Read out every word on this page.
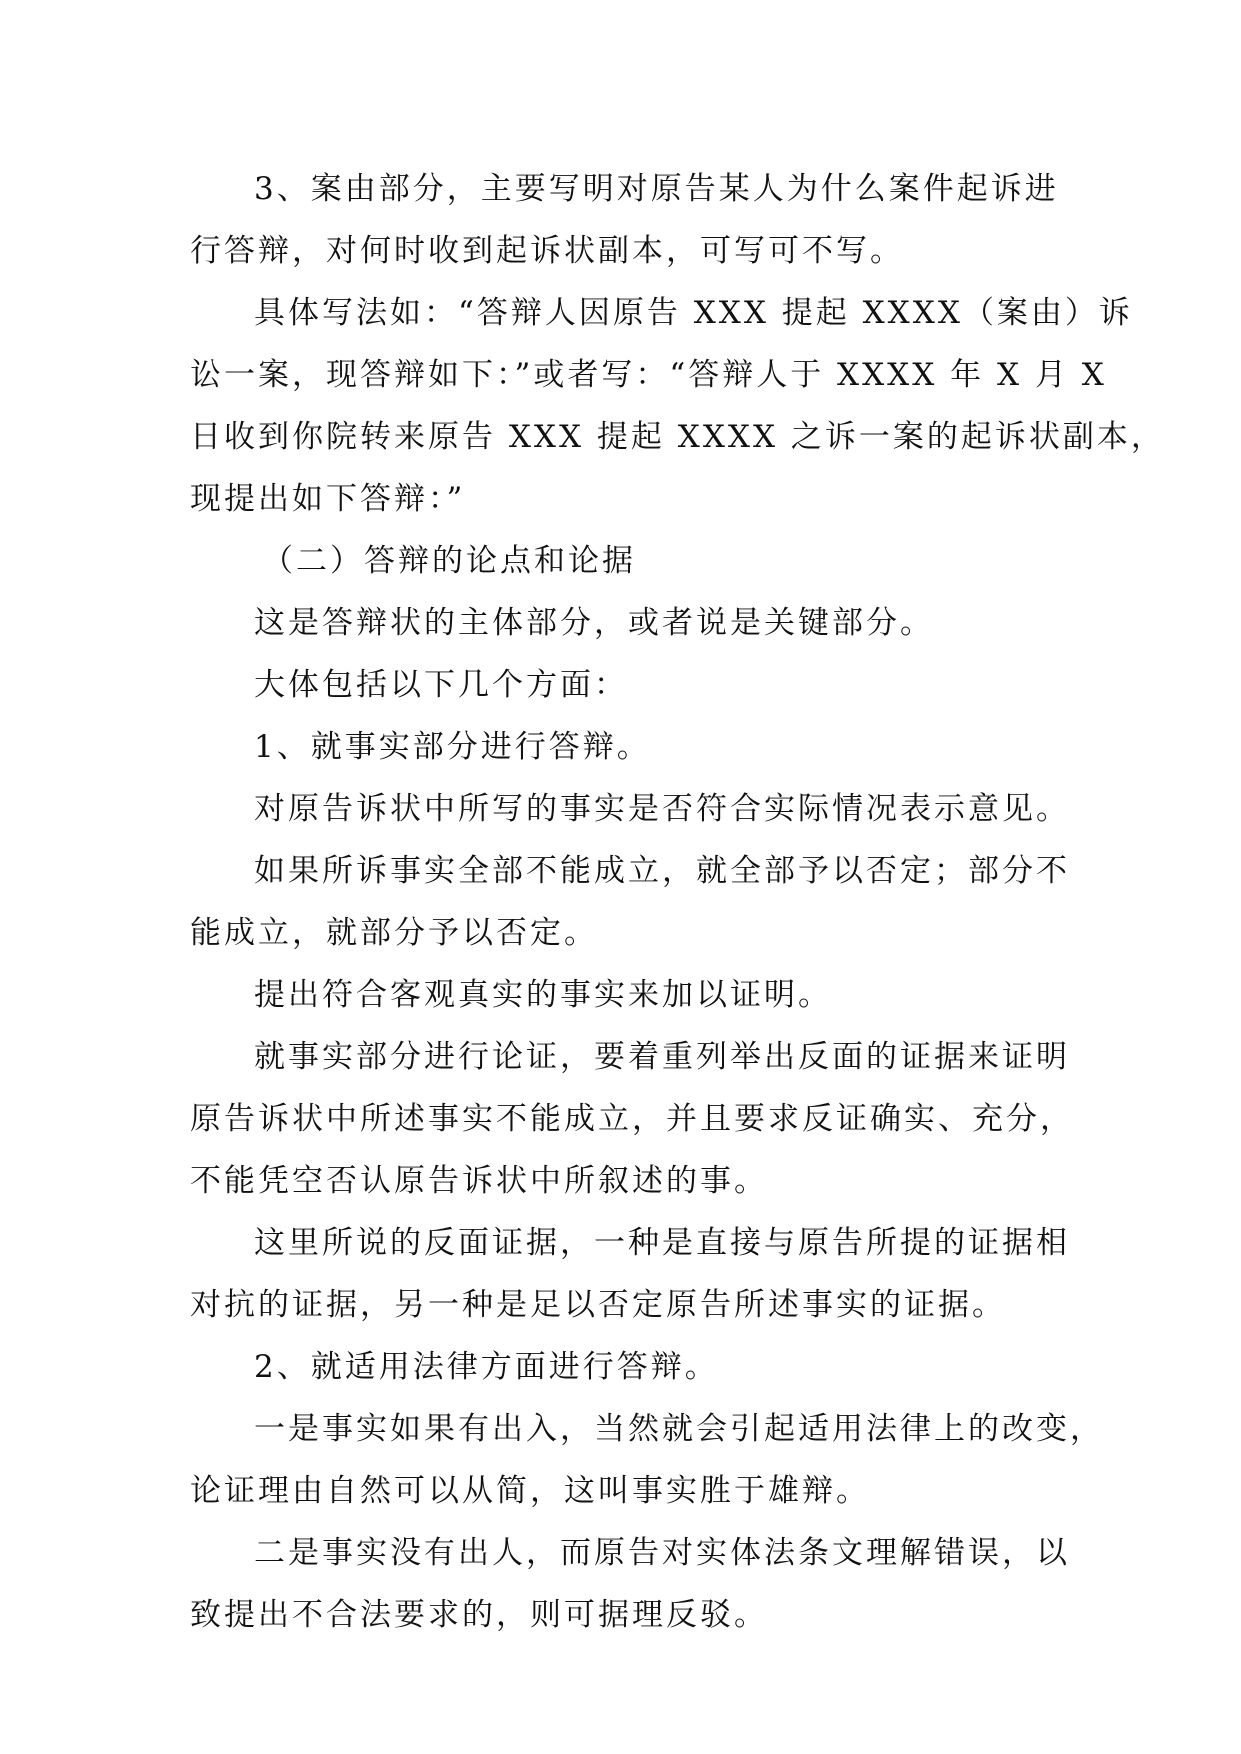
3、案由部分，主要写明对原告某人为什么案件起诉进
行答辩，对何时收到起诉状副本，可写可不写。
具体写法如：“答辩人因原告 XXX 提起 XXXX（案由）诉
讼一案，现答辩如下：”或者写：“答辩人于 XXXX 年 X 月 X
日收到你院转来原告 XXX 提起 XXXX 之诉一案的起诉状副本，
现提出如下答辩：”
（二）答辩的论点和论据
这是答辩状的主体部分，或者说是关键部分。
大体包括以下几个方面：
1、就事实部分进行答辩。
对原告诉状中所写的事实是否符合实际情况表示意见。
如果所诉事实全部不能成立，就全部予以否定；部分不
能成立，就部分予以否定。
提出符合客观真实的事实来加以证明。
就事实部分进行论证，要着重列举出反面的证据来证明
原告诉状中所述事实不能成立，并且要求反证确实、充分，
不能凭空否认原告诉状中所叙述的事。
这里所说的反面证据，一种是直接与原告所提的证据相
对抗的证据，另一种是足以否定原告所述事实的证据。
2、就适用法律方面进行答辩。
一是事实如果有出入，当然就会引起适用法律上的改变，
论证理由自然可以从简，这叫事实胜于雄辩。
二是事实没有出人，而原告对实体法条文理解错误，以
致提出不合法要求的，则可据理反驳。
